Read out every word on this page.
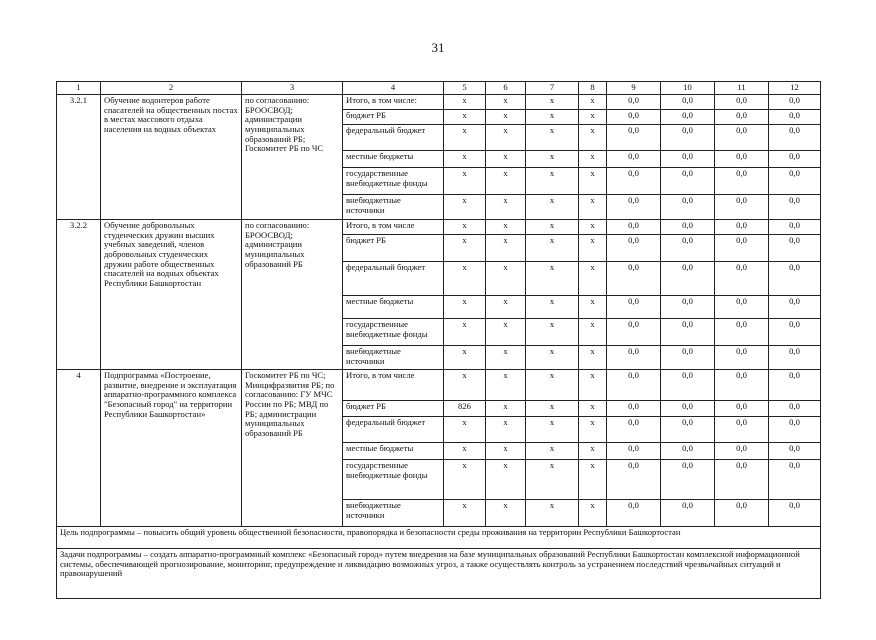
31
1	2	3	4	5	6	7	8	9	10	11	12
3.2.1	Обучение водонтеров работе спасателей на общественных постах в местах массового отдыха населения на водных объектах	по согласованию: БРООСВОД; администрации муниципальных образований РБ; Госкомитет РБ по ЧС	Итого, в том числе:	x	x	x	x	0,0	0,0	0,0	0,0
			бюджет РБ	x	x	x	x	0,0	0,0	0,0	0,0
			федеральный бюджет	x	x	x	x	0,0	0,0	0,0	0,0
			местные бюджеты	x	x	x	x	0,0	0,0	0,0	0,0
			государственные внебюджетные фонды	x	x	x	x	0,0	0,0	0,0	0,0
			внебюджетные источники	x	x	x	x	0,0	0,0	0,0	0,0
3.2.2	Обучение добровольных студенческих дружин высших учебных заведений, членов добровольных студенческих дружин работе общественных спасателей на водных объектах Республики Башкортостан	по согласованию: БРООСВОД; администрации муниципальных образований РБ	Итого, в том числе	x	x	x	x	0,0	0,0	0,0	0,0
			бюджет РБ	x	x	x	x	0,0	0,0	0,0	0,0
			федеральный бюджет	x	x	x	x	0,0	0,0	0,0	0,0
			местные бюджеты	x	x	x	x	0,0	0,0	0,0	0,0
			государственные внебюджетные фонды	x	x	x	x	0,0	0,0	0,0	0,0
			внебюджетные источники	x	x	x	x	0,0	0,0	0,0	0,0
4	Подпрограмма «Построение, развитие, внедрение и эксплуатация аппаратно-программного комплекса "Безопасный город" на территории Республики Башкортостан»	Госкомитет РБ по ЧС; Минцифразвития РБ; по согласованию: ГУ МЧС России по РБ; МВД по РБ; администрации муниципальных образований РБ	Итого, в том числе	x	x	x	x	0,0	0,0	0,0	0,0
			бюджет РБ	826	x	x	x	0,0	0,0	0,0	0,0
			федеральный бюджет	x	x	x	x	0,0	0,0	0,0	0,0
			местные бюджеты	x	x	x	x	0,0	0,0	0,0	0,0
			государственные внебюджетные фонды	x	x	x	x	0,0	0,0	0,0	0,0
			внебюджетные источники	x	x	x	x	0,0	0,0	0,0	0,0
Цель подпрограммы – повысить общий уровень общественной безопасности, правопорядка и безопасности среды проживания на территории Республики Башкортостан											
Задачи подпрограммы – создать аппаратно-программный комплекс «Безопасный город» путем внедрения на базе муниципальных образований Республики Башкортостан комплексной информационной системы, обеспечивающей прогнозирование, мониторинг, предупреждение и ликвидацию возможных угроз, а также осуществлять контроль за устранением последствий чрезвычайных ситуаций и правонарушений											
